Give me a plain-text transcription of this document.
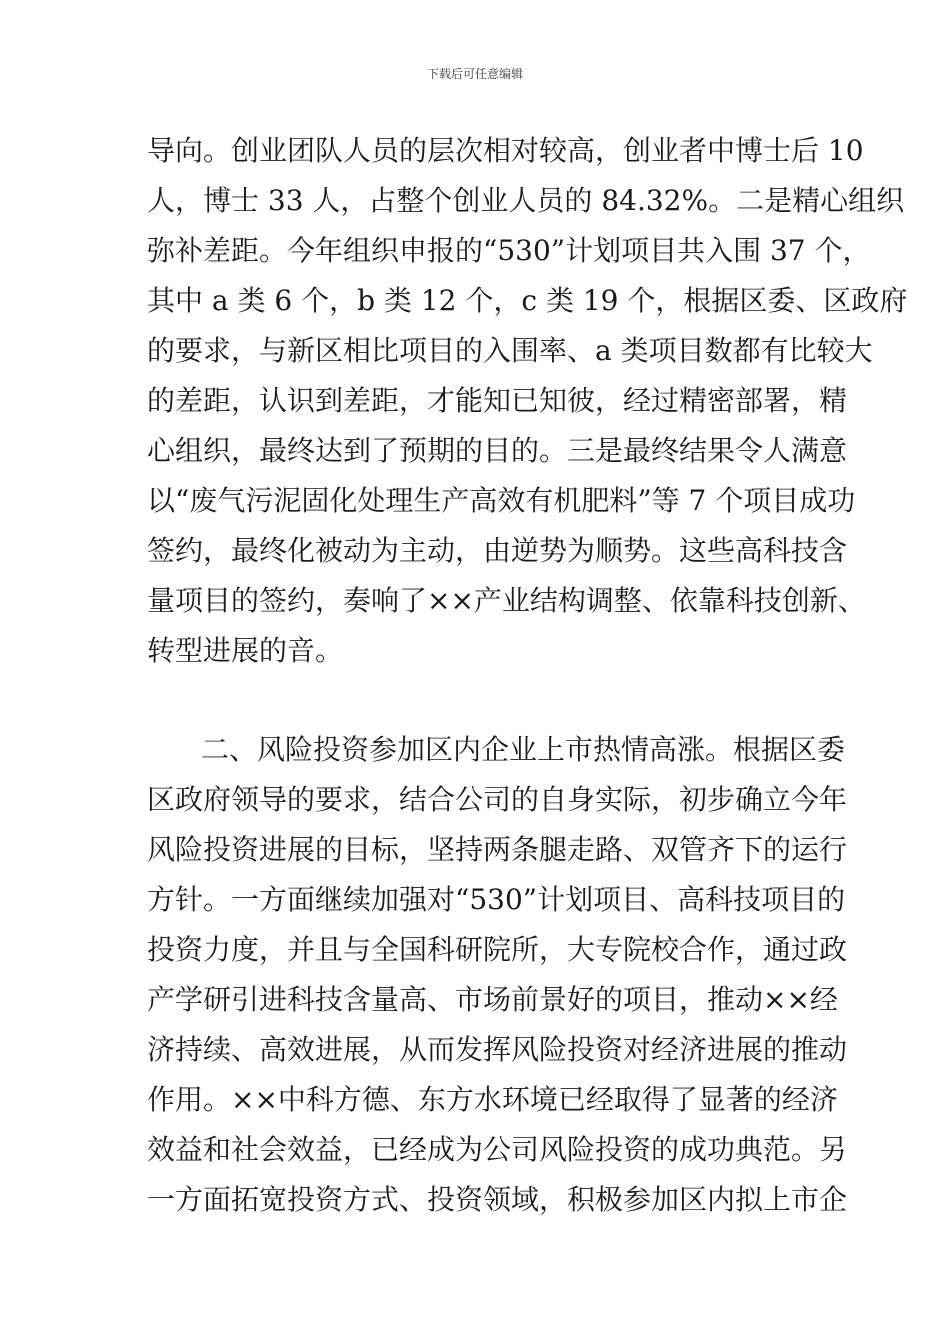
下载后可任意编辑
导向。创业团队人员的层次相对较高，创业者中博士后 10
人，博士 33 人，占整个创业人员的 84.32%。二是精心组织
弥补差距。今年组织申报的“530”计划项目共入围 37 个，
其中 a 类 6 个，b 类 12 个，c 类 19 个，根据区委、区政府
的要求，与新区相比项目的入围率、a 类项目数都有比较大
的差距，认识到差距，才能知已知彼，经过精密部署，精
心组织，最终达到了预期的目的。三是最终结果令人满意
以“废气污泥固化处理生产高效有机肥料”等 7 个项目成功
签约，最终化被动为主动，由逆势为顺势。这些高科技含
量项目的签约，奏响了××产业结构调整、依靠科技创新、
转型进展的音。
二、风险投资参加区内企业上市热情高涨。根据区委
区政府领导的要求，结合公司的自身实际，初步确立今年
风险投资进展的目标，坚持两条腿走路、双管齐下的运行
方针。一方面继续加强对“530”计划项目、高科技项目的
投资力度，并且与全国科研院所，大专院校合作，通过政
产学研引进科技含量高、市场前景好的项目，推动××经
济持续、高效进展，从而发挥风险投资对经济进展的推动
作用。××中科方德、东方水环境已经取得了显著的经济
效益和社会效益，已经成为公司风险投资的成功典范。另
一方面拓宽投资方式、投资领域，积极参加区内拟上市企
